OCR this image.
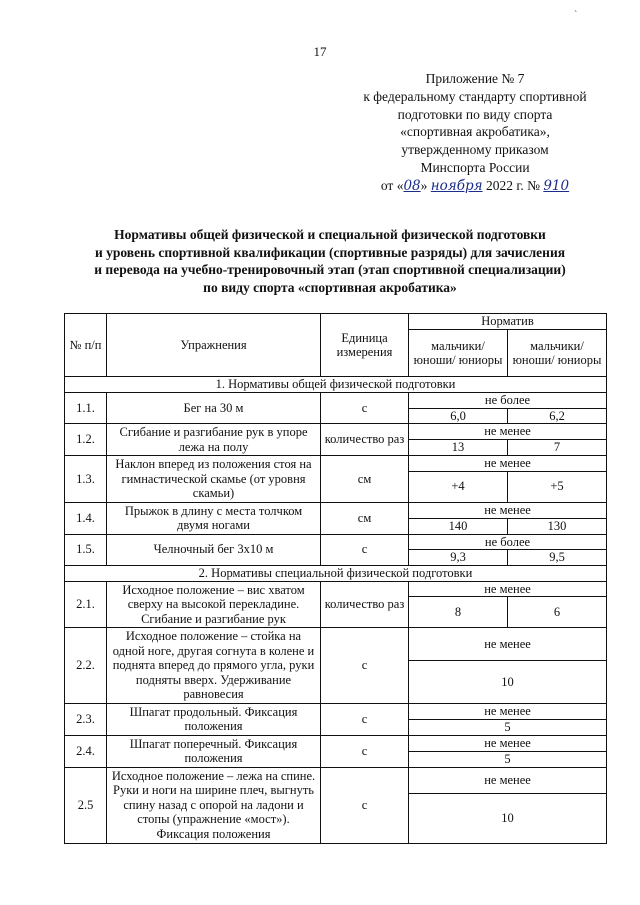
17
`
Приложение № 7
к федеральному стандарту спортивной
подготовки по виду спорта
«спортивная акробатика»,
утвержденному приказом
Минспорта России
от «08» ноября 2022 г. № 910
Нормативы общей физической и специальной физической подготовки
и уровень спортивной квалификации (спортивные разряды) для зачисления
и перевода на учебно-тренировочный этап (этап спортивной специализации)
по виду спорта «спортивная акробатика»
№ п/п	Упражнения	Единица измерения	Норматив	
			мальчики/ юноши/ юниоры	мальчики/ юноши/ юниоры
1. Нормативы общей физической подготовки				
1.1.	Бег на 30 м	с	не более	
			6,0	6,2
1.2.	Сгибание и разгибание рук в упоре лежа на полу	количество раз	не менее	
			13	7
1.3.	Наклон вперед из положения стоя на гимнастической скамье (от уровня скамьи)	см	не менее	
			+4	+5
1.4.	Прыжок в длину с места толчком двумя ногами	см	не менее	
			140	130
1.5.	Челночный бег 3х10 м	с	не более	
			9,3	9,5
2. Нормативы специальной физической подготовки				
2.1.	Исходное положение – вис хватом сверху на высокой перекладине. Сгибание и разгибание рук	количество раз	не менее	
			8	6
2.2.	Исходное положение – стойка на одной ноге, другая согнута в колене и поднята вперед до прямого угла, руки подняты вверх. Удерживание равновесия	с	не менее	
			10	
2.3.	Шпагат продольный. Фиксация положения	с	не менее	
			5	
2.4.	Шпагат поперечный. Фиксация положения	с	не менее	
			5	
2.5	Исходное положение – лежа на спине. Руки и ноги на ширине плеч, выгнуть спину назад с опорой на ладони и стопы (упражнение «мост»). Фиксация положения	с	не менее	
			10	
